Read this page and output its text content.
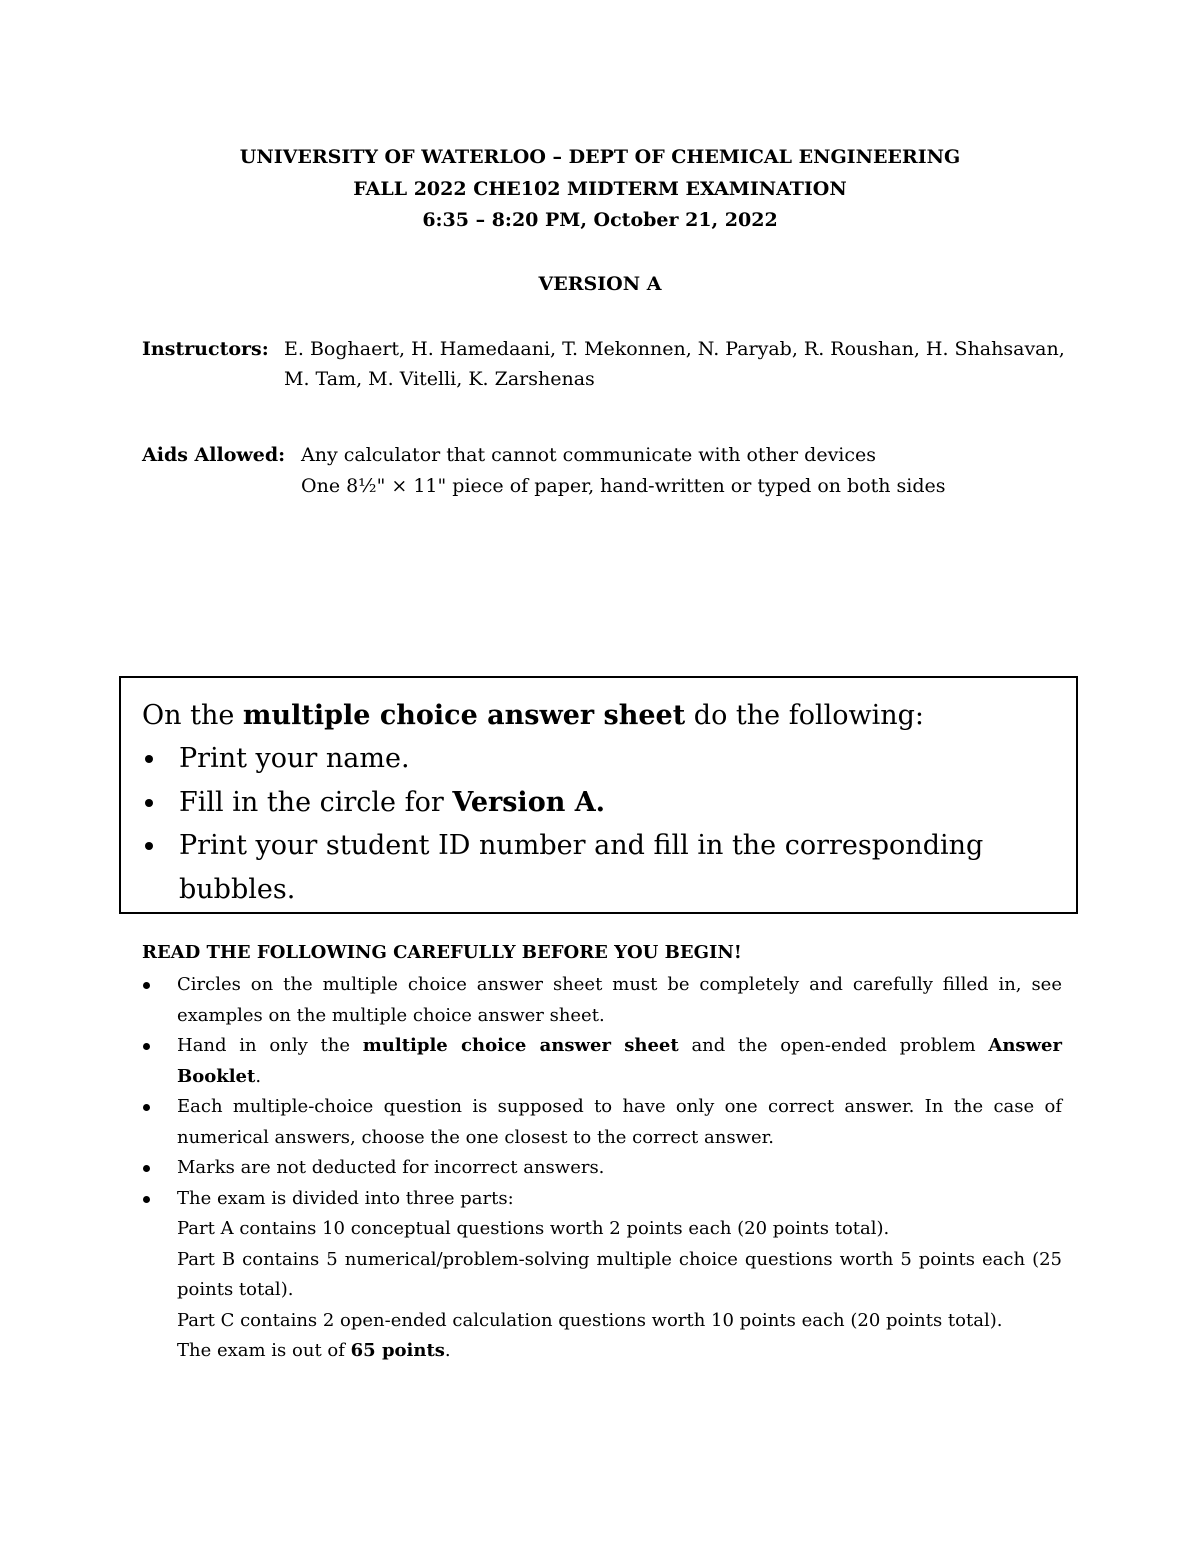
UNIVERSITY OF WATERLOO – DEPT OF CHEMICAL ENGINEERING
FALL 2022 CHE102 MIDTERM EXAMINATION
6:35 – 8:20 PM, October 21, 2022
VERSION A
Instructors: E. Boghaert, H. Hamedaani, T. Mekonnen, N. Paryab, R. Roushan, H. Shahsavan,
M. Tam, M. Vitelli, K. Zarshenas
Aids Allowed: Any calculator that cannot communicate with other devices
One 8½" × 11" piece of paper, hand-written or typed on both sides
On the multiple choice answer sheet do the following:
Print your name.
Fill in the circle for Version A.
Print your student ID number and fill in the corresponding bubbles.
READ THE FOLLOWING CAREFULLY BEFORE YOU BEGIN!
Circles on the multiple choice answer sheet must be completely and carefully filled in, see examples on the multiple choice answer sheet.
Hand in only the multiple choice answer sheet and the open-ended problem Answer Booklet.
Each multiple-choice question is supposed to have only one correct answer. In the case of numerical answers, choose the one closest to the correct answer.
Marks are not deducted for incorrect answers.
The exam is divided into three parts:
Part A contains 10 conceptual questions worth 2 points each (20 points total).
Part B contains 5 numerical/problem-solving multiple choice questions worth 5 points each (25 points total).
Part C contains 2 open-ended calculation questions worth 10 points each (20 points total).
The exam is out of 65 points.
